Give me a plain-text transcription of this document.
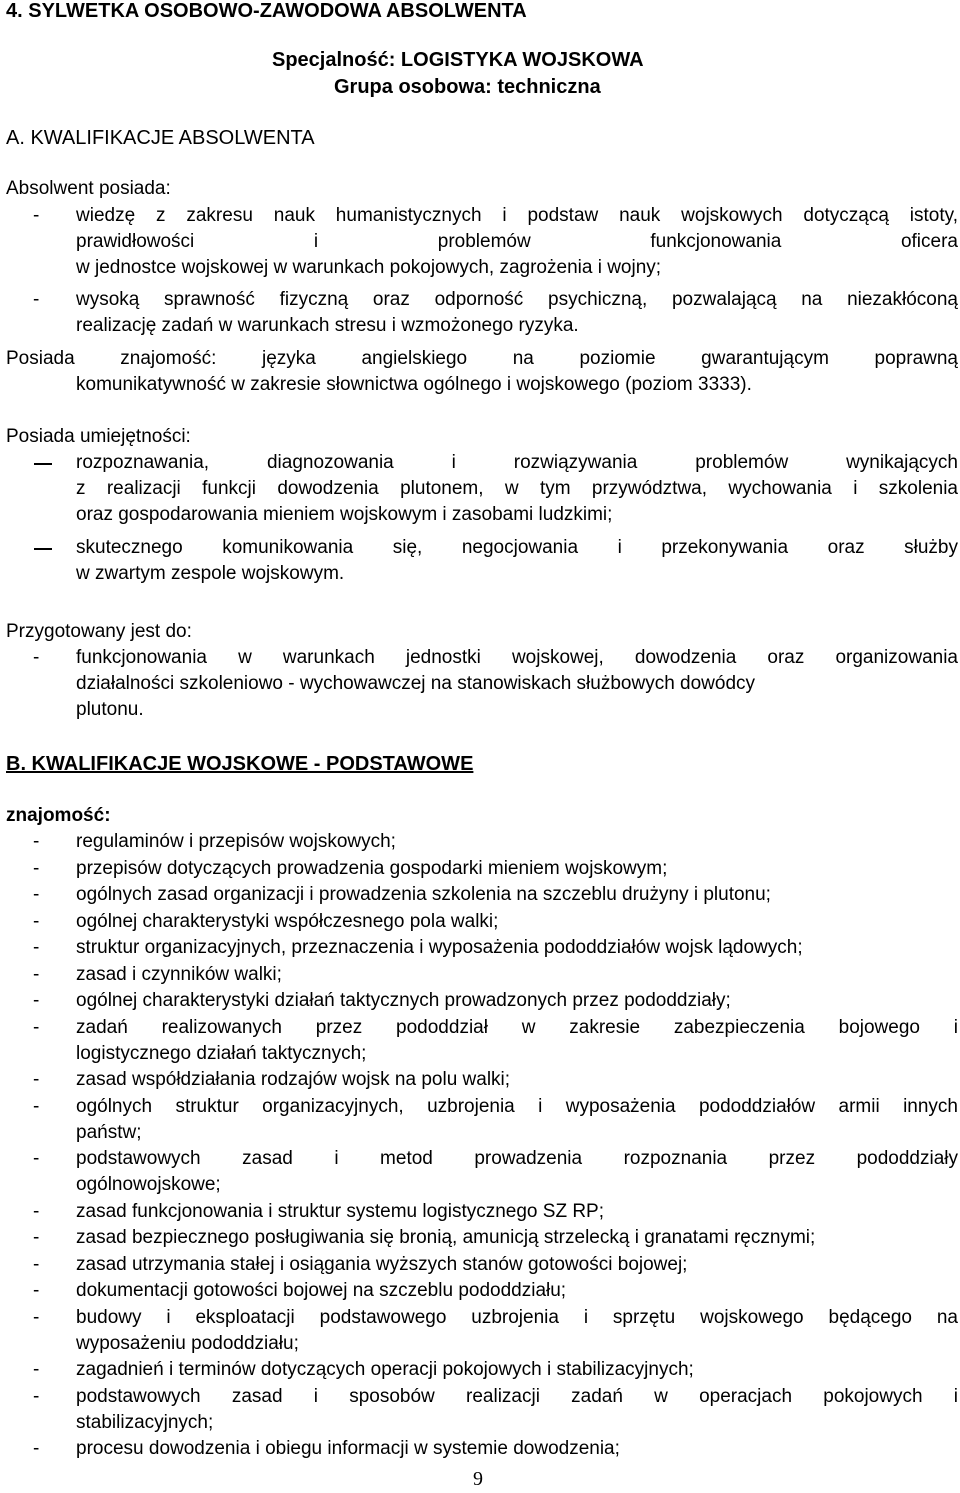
4. SYLWETKA OSOBOWO-ZAWODOWA ABSOLWENTA
Specjalność: LOGISTYKA WOJSKOWA
Grupa osobowa: techniczna
A. KWALIFIKACJE ABSOLWENTA
Absolwent posiada:
- wiedzę z zakresu nauk humanistycznych i podstaw nauk wojskowych dotyczącą istoty,
prawidłowości i problemów funkcjonowania oficera
w jednostce wojskowej w warunkach pokojowych, zagrożenia i wojny;
- wysoką sprawność fizyczną oraz odporność psychiczną, pozwalającą na niezakłóconą
realizację zadań w warunkach stresu i wzmożonego ryzyka.
Posiada znajomość: języka angielskiego na poziomie gwarantującym poprawną
komunikatywność w zakresie słownictwa ogólnego i wojskowego (poziom 3333).
Posiada umiejętności:
rozpoznawania, diagnozowania i rozwiązywania problemów wynikających
z realizacji funkcji dowodzenia plutonem, w tym przywództwa, wychowania i szkolenia
oraz gospodarowania mieniem wojskowym i zasobami ludzkimi;
skutecznego komunikowania się, negocjowania i przekonywania oraz służby
w zwartym zespole wojskowym.
Przygotowany jest do:
- funkcjonowania w warunkach jednostki wojskowej, dowodzenia oraz organizowania
działalności szkoleniowo - wychowawczej na stanowiskach służbowych dowódcy
plutonu.
B. KWALIFIKACJE WOJSKOWE - PODSTAWOWE
znajomość:
- regulaminów i przepisów wojskowych;
- przepisów dotyczących prowadzenia gospodarki mieniem wojskowym;
- ogólnych zasad organizacji i prowadzenia szkolenia na szczeblu drużyny i plutonu;
- ogólnej charakterystyki współczesnego pola walki;
- struktur organizacyjnych, przeznaczenia i wyposażenia pododdziałów wojsk lądowych;
- zasad i czynników walki;
- ogólnej charakterystyki działań taktycznych prowadzonych przez pododdziały;
- zadań realizowanych przez pododdział w zakresie zabezpieczenia bojowego i
logistycznego działań taktycznych;
- zasad współdziałania rodzajów wojsk na polu walki;
- ogólnych struktur organizacyjnych, uzbrojenia i wyposażenia pododdziałów armii innych
państw;
- podstawowych zasad i metod prowadzenia rozpoznania przez pododdziały
ogólnowojskowe;
- zasad funkcjonowania i struktur systemu logistycznego SZ RP;
- zasad bezpiecznego posługiwania się bronią, amunicją strzelecką i granatami ręcznymi;
- zasad utrzymania stałej i osiągania wyższych stanów gotowości bojowej;
- dokumentacji gotowości bojowej na szczeblu pododdziału;
- budowy i eksploatacji podstawowego uzbrojenia i sprzętu wojskowego będącego na
wyposażeniu pododdziału;
- zagadnień i terminów dotyczących operacji pokojowych i stabilizacyjnych;
- podstawowych zasad i sposobów realizacji zadań w operacjach pokojowych i
stabilizacyjnych;
- procesu dowodzenia i obiegu informacji w systemie dowodzenia;
9
